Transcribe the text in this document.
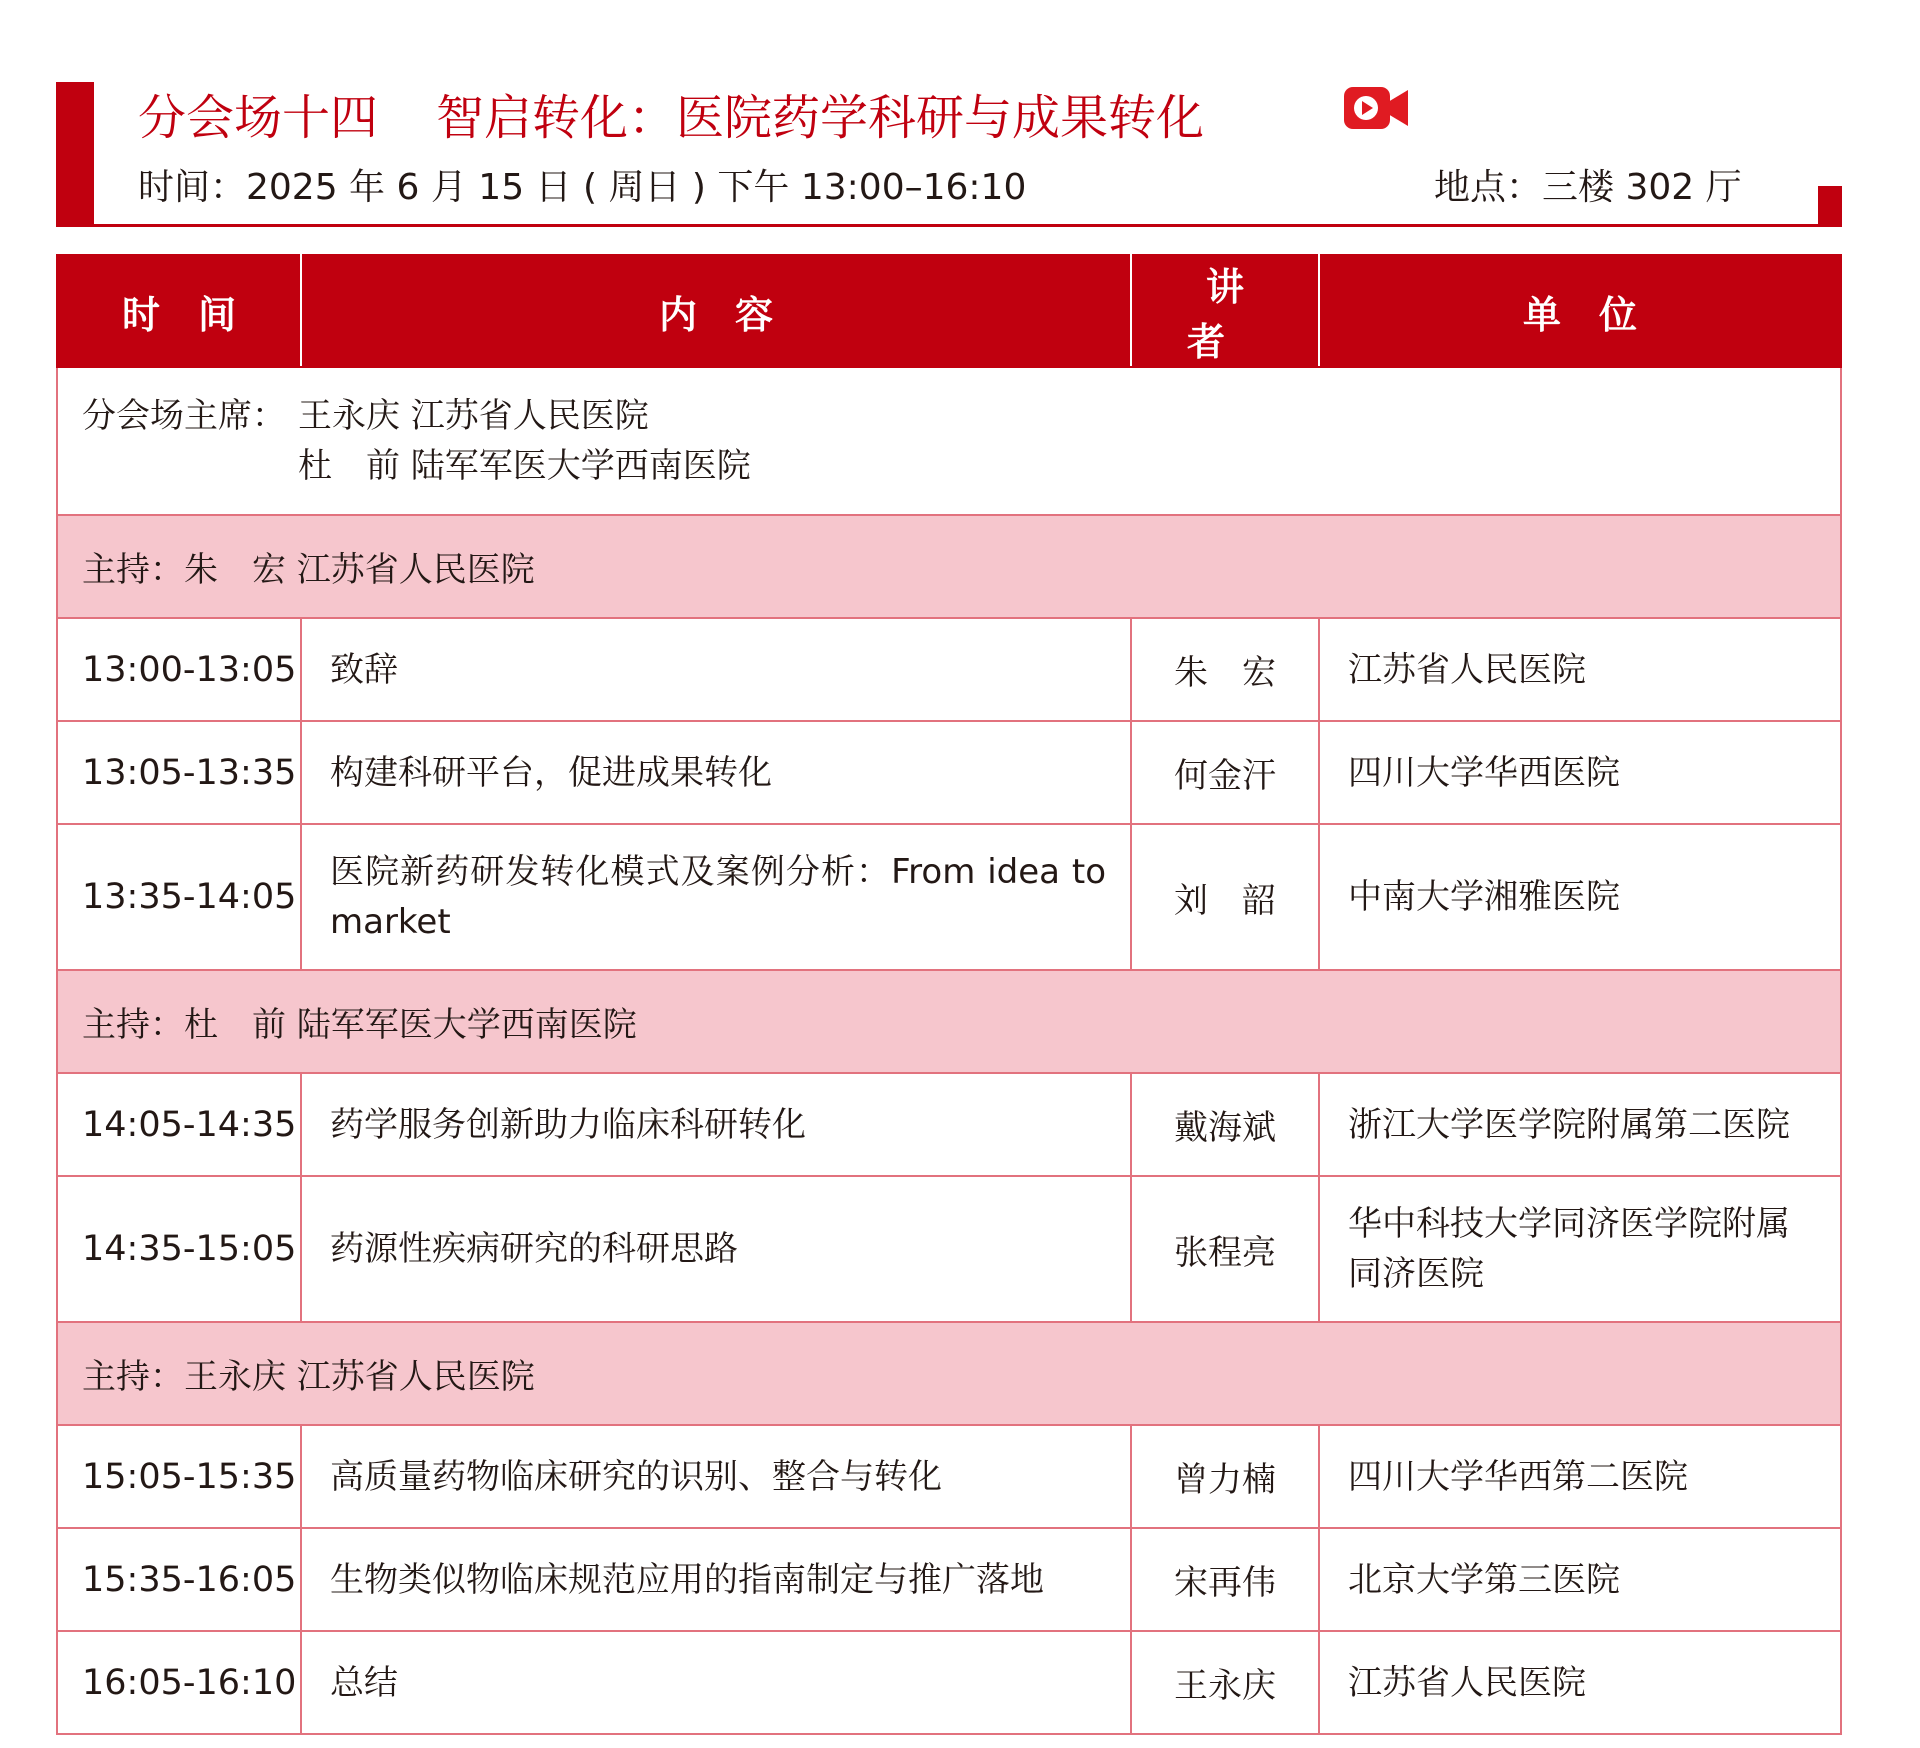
分会场十四 智启转化：医院药学科研与成果转化
时间：2025 年 6 月 15 日 ( 周日 ) 下午 13:00–16:10	地点：三楼 302 厅
时间	内容	讲者	单位

分会场主席： 王永庆 江苏省人民医院
杜　前 陆军军医大学西南医院			

主持：朱　宏 江苏省人民医院			
13:00-13:05	致辞	朱　宏	江苏省人民医院
13:05-13:35	构建科研平台，促进成果转化	何金汗	四川大学华西医院
13:35-14:05	医院新药研发转化模式及案例分析：From idea to market	刘　韶	中南大学湘雅医院
主持：杜　前 陆军军医大学西南医院			
14:05-14:35	药学服务创新助力临床科研转化	戴海斌	浙江大学医学院附属第二医院
14:35-15:05	药源性疾病研究的科研思路	张程亮	华中科技大学同济医学院附属同济医院
主持：王永庆 江苏省人民医院			
15:05-15:35	高质量药物临床研究的识别、整合与转化	曾力楠	四川大学华西第二医院
15:35-16:05	生物类似物临床规范应用的指南制定与推广落地	宋再伟	北京大学第三医院
16:05-16:10	总结	王永庆	江苏省人民医院
